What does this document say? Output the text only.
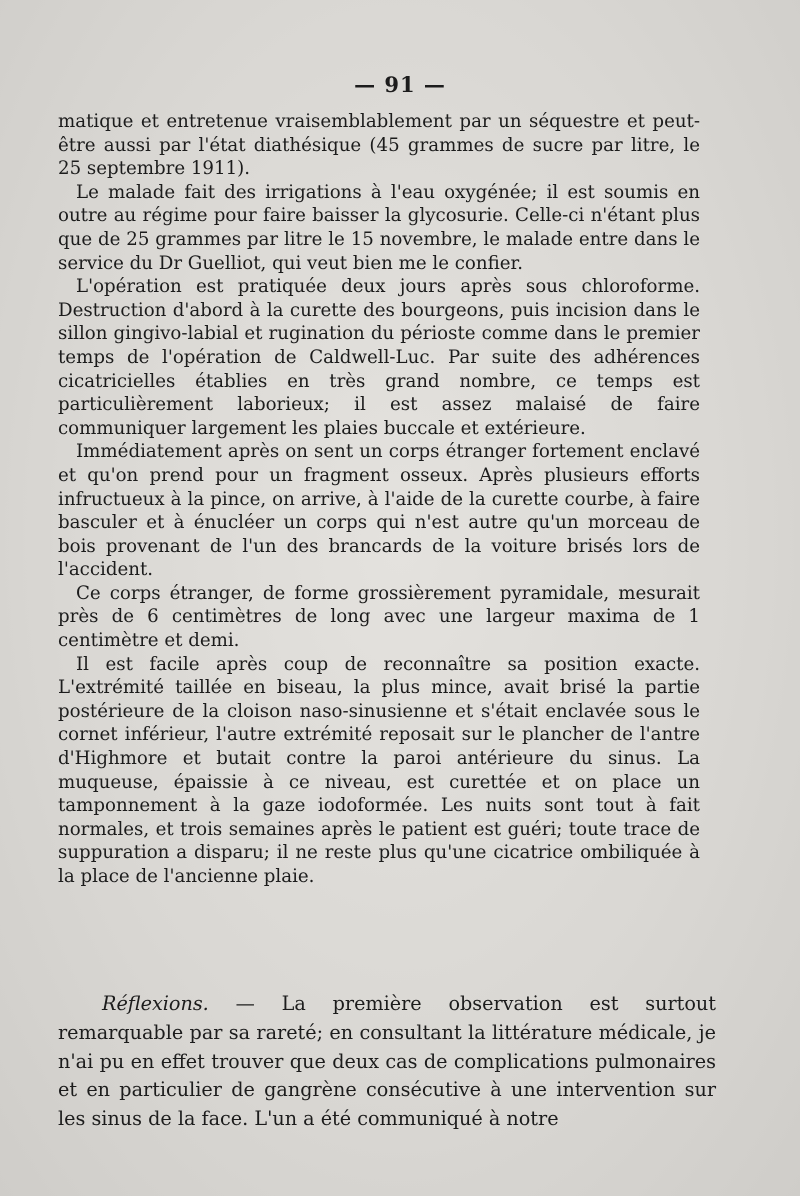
— 91 —

matique et entretenue vraisemblablement par un séquestre et peut-être aussi par l'état diathésique (45 grammes de sucre par litre, le 25 septembre 1911).

Le malade fait des irrigations à l'eau oxygénée; il est soumis en outre au régime pour faire baisser la glycosurie. Celle-ci n'étant plus que de 25 grammes par litre le 15 novembre, le malade entre dans le service du Dr Guelliot, qui veut bien me le confier.

L'opération est pratiquée deux jours après sous chloroforme. Destruction d'abord à la curette des bourgeons, puis incision dans le sillon gingivo-labial et rugination du périoste comme dans le premier temps de l'opération de Caldwell-Luc. Par suite des adhérences cicatricielles établies en très grand nombre, ce temps est particulièrement laborieux; il est assez malaisé de faire communiquer largement les plaies buccale et extérieure.

Immédiatement après on sent un corps étranger fortement enclavé et qu'on prend pour un fragment osseux. Après plusieurs efforts infructueux à la pince, on arrive, à l'aide de la curette courbe, à faire basculer et à énucléer un corps qui n'est autre qu'un morceau de bois provenant de l'un des brancards de la voiture brisés lors de l'accident.

Ce corps étranger, de forme grossièrement pyramidale, mesurait près de 6 centimètres de long avec une largeur maxima de 1 centimètre et demi.

Il est facile après coup de reconnaître sa position exacte. L'extrémité taillée en biseau, la plus mince, avait brisé la partie postérieure de la cloison naso-sinusienne et s'était enclavée sous le cornet inférieur, l'autre extrémité reposait sur le plancher de l'antre d'Highmore et butait contre la paroi antérieure du sinus. La muqueuse, épaissie à ce niveau, est curettée et on place un tamponnement à la gaze iodoformée. Les nuits sont tout à fait normales, et trois semaines après le patient est guéri; toute trace de suppuration a disparu; il ne reste plus qu'une cicatrice ombiliquée à la place de l'ancienne plaie.

Réflexions. — La première observation est surtout remarquable par sa rareté; en consultant la littérature médicale, je n'ai pu en effet trouver que deux cas de complications pulmonaires et en particulier de gangrène consécutive à une intervention sur les sinus de la face. L'un a été communiqué à notre
